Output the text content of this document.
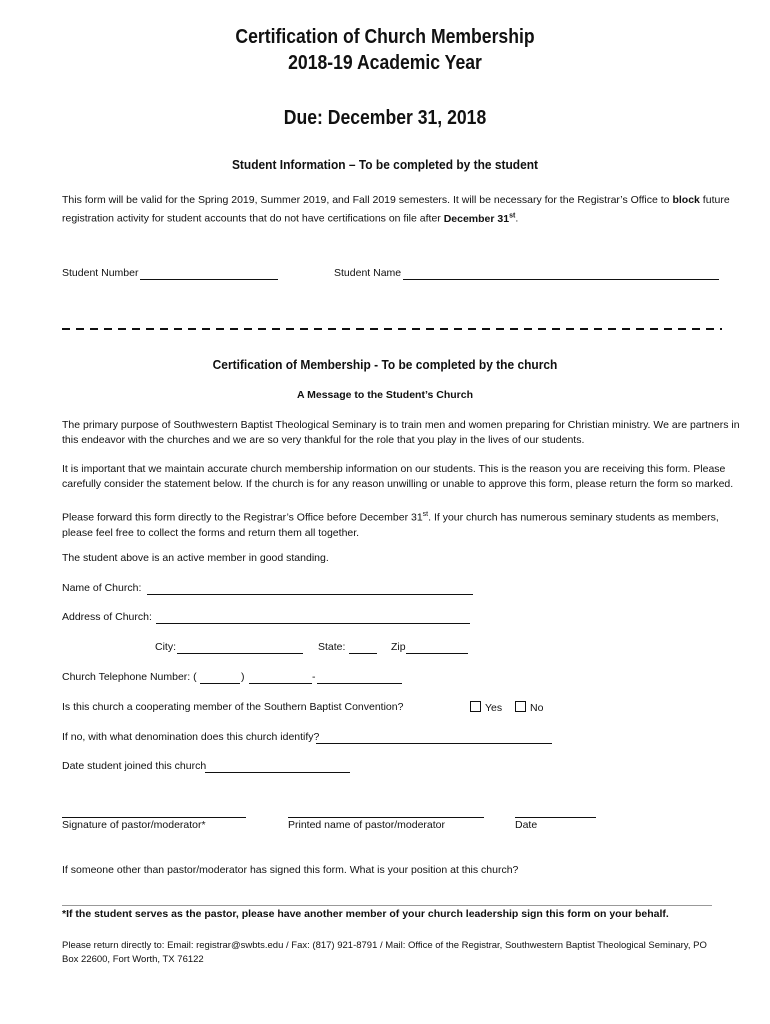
Certification of Church Membership
2018-19 Academic Year
Due: December 31, 2018
Student Information – To be completed by the student
This form will be valid for the Spring 2019, Summer 2019, and Fall 2019 semesters. It will be necessary for the Registrar’s Office to block future registration activity for student accounts that do not have certifications on file after December 31st.
Student Number	Student Name
Certification of Membership - To be completed by the church
A Message to the Student’s Church
The primary purpose of Southwestern Baptist Theological Seminary is to train men and women preparing for Christian ministry. We are partners in this endeavor with the churches and we are so very thankful for the role that you play in the lives of our students.
It is important that we maintain accurate church membership information on our students. This is the reason you are receiving this form. Please carefully consider the statement below. If the church is for any reason unwilling or unable to approve this form, please return the form so marked.
Please forward this form directly to the Registrar’s Office before December 31st. If your church has numerous seminary students as members, please feel free to collect the forms and return them all together.
The student above is an active member in good standing.
Name of Church:
Address of Church:
City:	State:	Zip
Church Telephone Number: (	)	-
Is this church a cooperating member of the Southern Baptist Convention?	Yes	No
If no, with what denomination does this church identify?
Date student joined this church
Signature of pastor/moderator*	Printed name of pastor/moderator	Date
If someone other than pastor/moderator has signed this form. What is your position at this church?
*If the student serves as the pastor, please have another member of your church leadership sign this form on your behalf.
Please return directly to: Email: registrar@swbts.edu / Fax: (817) 921-8791 / Mail: Office of the Registrar, Southwestern Baptist Theological Seminary, PO Box 22600, Fort Worth, TX 76122
